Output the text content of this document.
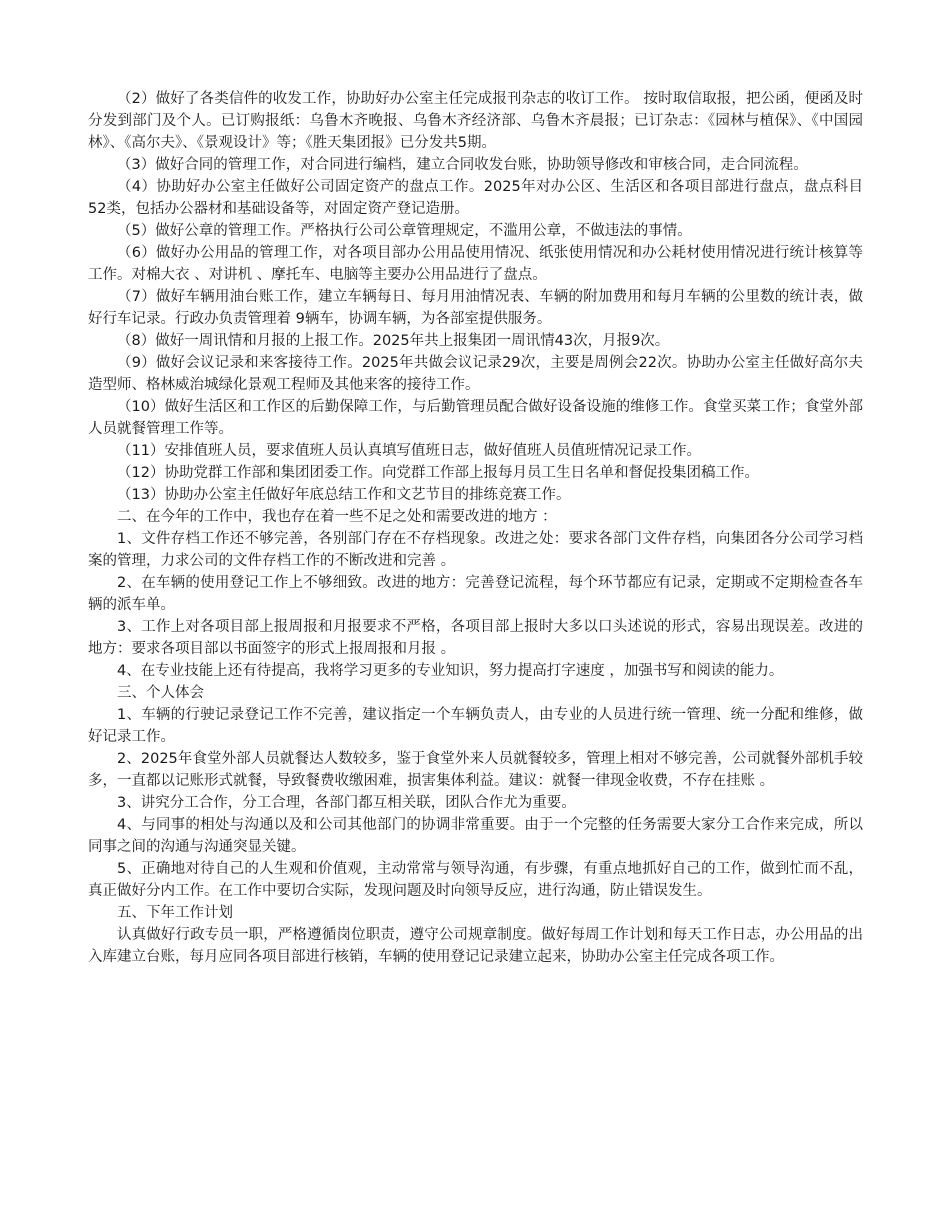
（2）做好了各类信件的收发工作，协助好办公室主任完成报刊杂志的收订工作。 按时取信取报，把公函，便函及时分发到部门及个人。已订购报纸：乌鲁木齐晚报、乌鲁木齐经济部、乌鲁木齐晨报；已订杂志：《园林与植保》、《中国园林》、《高尔夫》、《景观设计》等；《胜天集团报》已分发共5期。

（3）做好合同的管理工作，对合同进行编档，建立合同收发台账，协助领导修改和审核合同，走合同流程。

（4）协助好办公室主任做好公司固定资产的盘点工作。2025年对办公区、生活区和各项目部进行盘点，盘点科目52类，包括办公器材和基础设备等，对固定资产登记造册。

（5）做好公章的管理工作。严格执行公司公章管理规定，不滥用公章，不做违法的事情。

（6）做好办公用品的管理工作，对各项目部办公用品使用情况、纸张使用情况和办公耗材使用情况进行统计核算等工作。对棉大衣 、对讲机 、摩托车、电脑等主要办公用品进行了盘点。

（7）做好车辆用油台账工作，建立车辆每日、每月用油情况表、车辆的附加费用和每月车辆的公里数的统计表，做好行车记录。行政办负责管理着 9辆车，协调车辆，为各部室提供服务。

（8）做好一周讯情和月报的上报工作。2025年共上报集团一周讯情43次，月报9次。

（9）做好会议记录和来客接待工作。2025年共做会议记录29次，主要是周例会22次。协助办公室主任做好高尔夫造型师、格林威治城绿化景观工程师及其他来客的接待工作。

（10）做好生活区和工作区的后勤保障工作，与后勤管理员配合做好设备设施的维修工作。食堂买菜工作；食堂外部人员就餐管理工作等。

（11）安排值班人员，要求值班人员认真填写值班日志，做好值班人员值班情况记录工作。

（12）协助党群工作部和集团团委工作。向党群工作部上报每月员工生日名单和督促投集团稿工作。

（13）协助办公室主任做好年底总结工作和文艺节目的排练竞赛工作。

二、在今年的工作中，我也存在着一些不足之处和需要改进的地方 ：

1、文件存档工作还不够完善，各别部门存在不存档现象。改进之处：要求各部门文件存档，向集团各分公司学习档案的管理，力求公司的文件存档工作的不断改进和完善 。

2、在车辆的使用登记工作上不够细致。改进的地方：完善登记流程，每个环节都应有记录，定期或不定期检查各车辆的派车单。

3、工作上对各项目部上报周报和月报要求不严格，各项目部上报时大多以口头述说的形式，容易出现误差。改进的地方：要求各项目部以书面签字的形式上报周报和月报 。

4、在专业技能上还有待提高，我将学习更多的专业知识，努力提高打字速度 ，加强书写和阅读的能力。

三、个人体会

1、车辆的行驶记录登记工作不完善，建议指定一个车辆负责人，由专业的人员进行统一管理、统一分配和维修，做好记录工作。

2、2025年食堂外部人员就餐达人数较多，鉴于食堂外来人员就餐较多，管理上相对不够完善，公司就餐外部机手较多，一直都以记账形式就餐，导致餐费收缴困难，损害集体利益。建议：就餐一律现金收费，不存在挂账 。

3、讲究分工合作，分工合理，各部门都互相关联，团队合作尤为重要。

4、与同事的相处与沟通以及和公司其他部门的协调非常重要。由于一个完整的任务需要大家分工合作来完成，所以同事之间的沟通与沟通突显关键。

5、正确地对待自己的人生观和价值观，主动常常与领导沟通，有步骤，有重点地抓好自己的工作，做到忙而不乱，真正做好分内工作。在工作中要切合实际，发现问题及时向领导反应，进行沟通，防止错误发生。

五、下年工作计划

认真做好行政专员一职，严格遵循岗位职责，遵守公司规章制度。做好每周工作计划和每天工作日志，办公用品的出入库建立台账，每月应同各项目部进行核销，车辆的使用登记记录建立起来，协助办公室主任完成各项工作。
